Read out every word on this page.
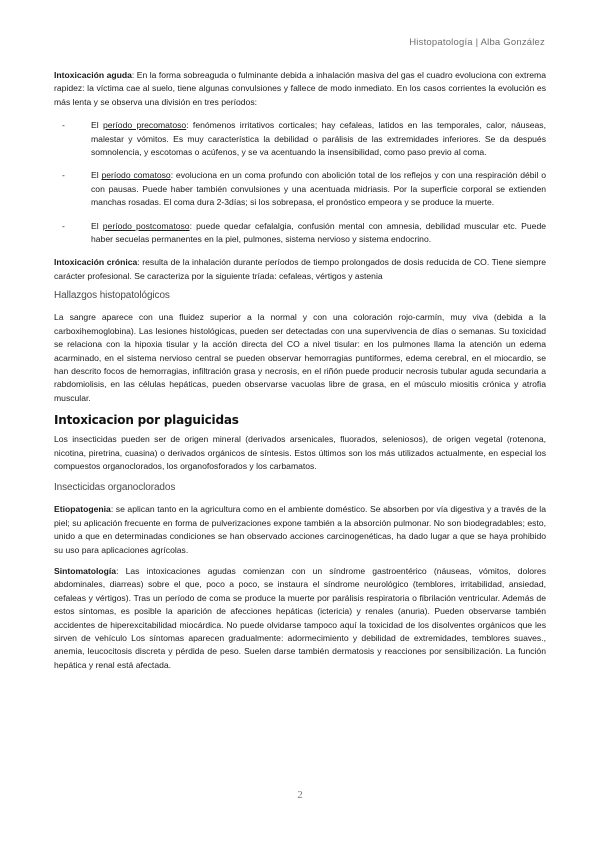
Histopatología | Alba González

Intoxicación aguda: En la forma sobreaguda o fulminante debida a inhalación masiva del gas el cuadro evoluciona con extrema rapidez: la víctima cae al suelo, tiene algunas convulsiones y fallece de modo inmediato. En los casos corrientes la evolución es más lenta y se observa una división en tres períodos:

-	El período precomatoso: fenómenos irritativos corticales; hay cefaleas, latidos en las temporales, calor, náuseas, malestar y vómitos. Es muy característica la debilidad o parálisis de las extremidades inferiores. Se da después somnolencia, y escotomas o acúfenos, y se va acentuando la insensibilidad, como paso previo al coma.

-	El período comatoso: evoluciona en un coma profundo con abolición total de los reflejos y con una respiración débil o con pausas. Puede haber también convulsiones y una acentuada midriasis. Por la superficie corporal se extienden manchas rosadas. El coma dura 2-3días; si los sobrepasa, el pronóstico empeora y se produce la muerte.

-	El período postcomatoso: puede quedar cefalalgia, confusión mental con amnesia, debilidad muscular etc. Puede haber secuelas permanentes en la piel, pulmones, sistema nervioso y sistema endocrino.

Intoxicación crónica: resulta de la inhalación durante períodos de tiempo prolongados de dosis reducida de CO. Tiene siempre carácter profesional. Se caracteriza por la siguiente tríada: cefaleas, vértigos y astenia

Hallazgos histopatológicos

La sangre aparece con una fluidez superior a la normal y con una coloración rojo-carmín, muy viva (debida a la carboxihemoglobina). Las lesiones histológicas, pueden ser detectadas con una supervivencia de días o semanas. Su toxicidad se relaciona con la hipoxia tisular y la acción directa del CO a nivel tisular: en los pulmones llama la atención un edema acarminado, en el sistema nervioso central se pueden observar hemorragias puntiformes, edema cerebral, en el miocardio, se han descrito focos de hemorragias, infiltración grasa y necrosis, en el riñón puede producir necrosis tubular aguda secundaria a rabdomiolisis, en las células hepáticas, pueden observarse vacuolas libre de grasa, en el músculo miositis crónica y atrofia muscular.

Intoxicacion por plaguicidas

Los insecticidas pueden ser de origen mineral (derivados arsenicales, fluorados, seleniosos), de origen vegetal (rotenona, nicotina, piretrina, cuasina) o derivados orgánicos de síntesis. Estos últimos son los más utilizados actualmente, en especial los compuestos organoclorados, los organofosforados y los carbamatos.

Insecticidas organoclorados

Etiopatogenia: se aplican tanto en la agricultura como en el ambiente doméstico. Se absorben por vía digestiva y a través de la piel; su aplicación frecuente en forma de pulverizaciones expone también a la absorción pulmonar. No son biodegradables; esto, unido a que en determinadas condiciones se han observado acciones carcinogenéticas, ha dado lugar a que se haya prohibido su uso para aplicaciones agrícolas.

Sintomatología: Las intoxicaciones agudas comienzan con un síndrome gastroentérico (náuseas, vómitos, dolores abdominales, diarreas) sobre el que, poco a poco, se instaura el síndrome neurológico (temblores, irritabilidad, ansiedad, cefaleas y vértigos). Tras un período de coma se produce la muerte por parálisis respiratoria o fibrilación ventricular. Además de estos síntomas, es posible la aparición de afecciones hepáticas (ictericia) y renales (anuria). Pueden observarse también accidentes de hiperexcitabilidad miocárdica. No puede olvidarse tampoco aquí la toxicidad de los disolventes orgánicos que les sirven de vehículo Los síntomas aparecen gradualmente: adormecimiento y debilidad de extremidades, temblores suaves., anemia, leucocitosis discreta y pérdida de peso. Suelen darse también dermatosis y reacciones por sensibilización. La función hepática y renal está afectada.

2
